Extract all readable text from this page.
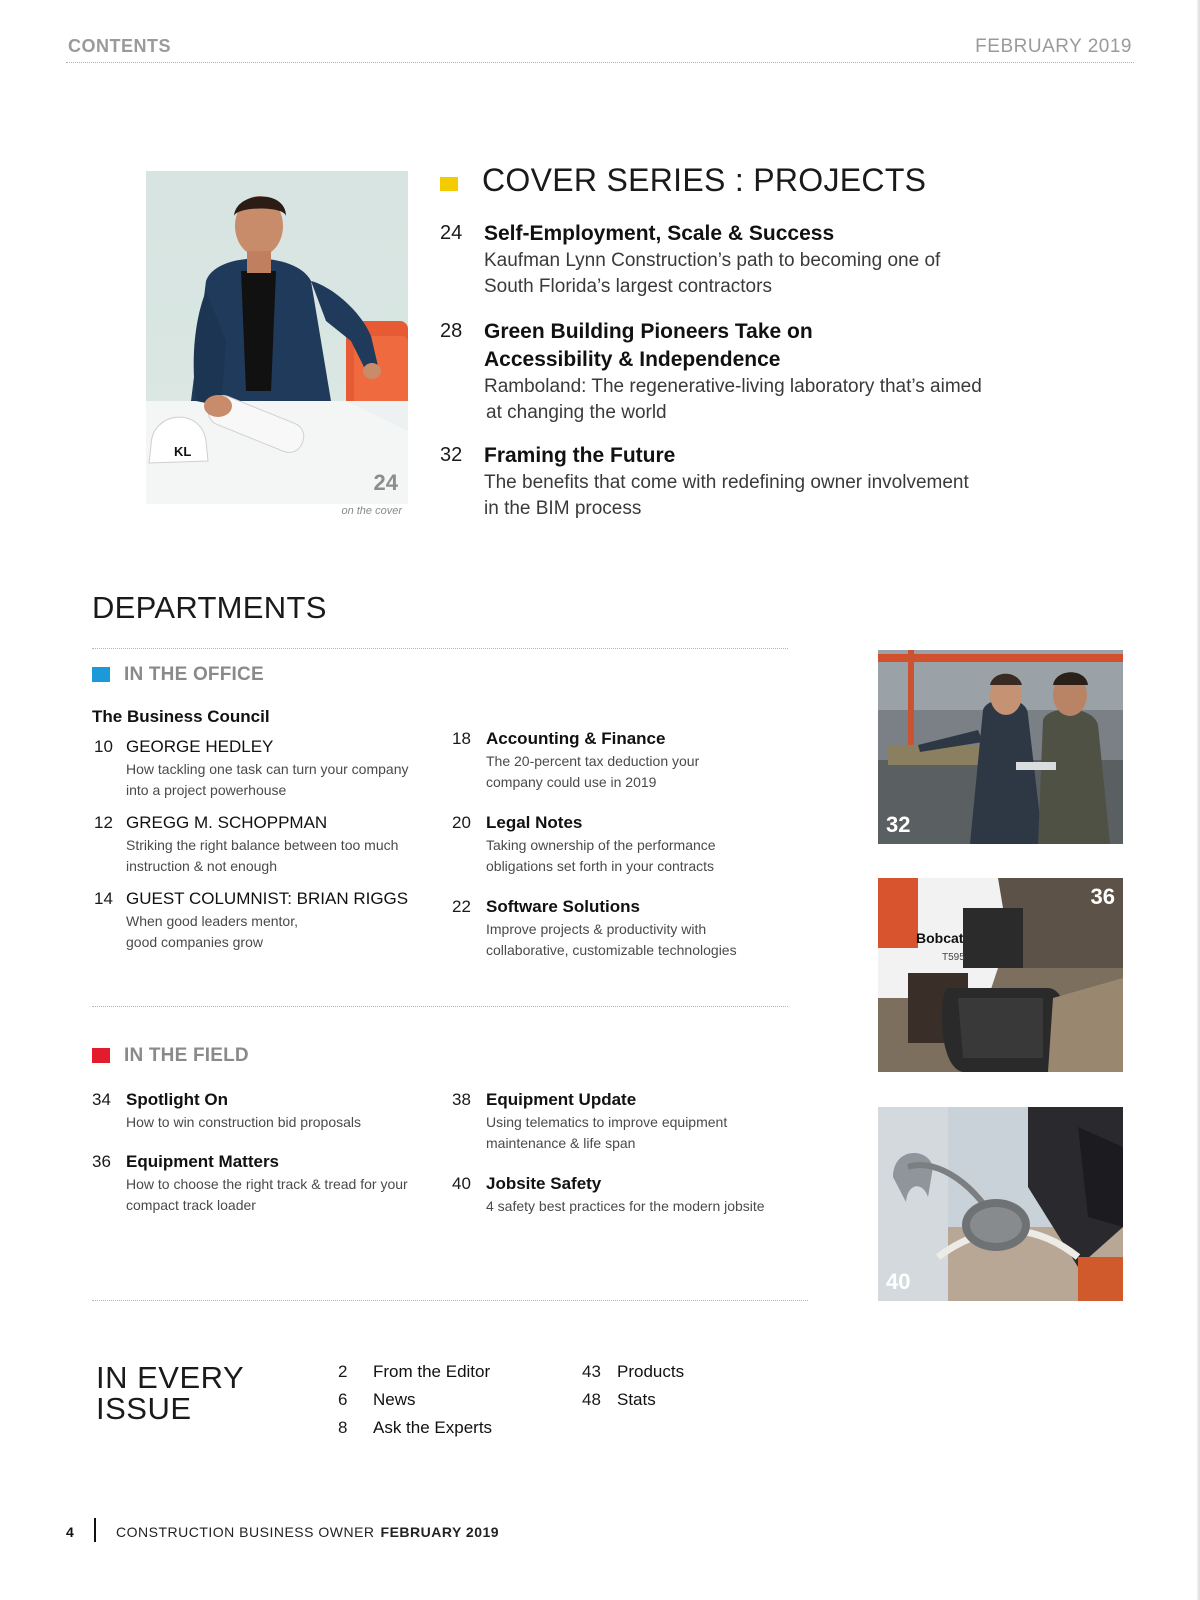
CONTENTS	FEBRUARY 2019
KL
24
on the cover
COVER SERIES : PROJECTS
24 Self-Employment, Scale & Success
Kaufman Lynn Construction’s path to becoming one of
South Florida’s largest contractors
28 Green Building Pioneers Take on
Accessibility & Independence
Ramboland: The regenerative-living laboratory that’s aimed
at changing the world
32 Framing the Future
The benefits that come with redefining owner involvement
in the BIM process
DEPARTMENTS
IN THE OFFICE
The Business Council
10 GEORGE HEDLEY
How tackling one task can turn your company
into a project powerhouse
12 GREGG M. SCHOPPMAN
Striking the right balance between too much
instruction & not enough
14 GUEST COLUMNIST: BRIAN RIGGS
When good leaders mentor,
good companies grow
18 Accounting & Finance
The 20-percent tax deduction your
company could use in 2019
20 Legal Notes
Taking ownership of the performance
obligations set forth in your contracts
22 Software Solutions
Improve projects & productivity with
collaborative, customizable technologies
IN THE FIELD
34 Spotlight On
How to win construction bid proposals
36 Equipment Matters
How to choose the right track & tread for your
compact track loader
38 Equipment Update
Using telematics to improve equipment
maintenance & life span
40 Jobsite Safety
4 safety best practices for the modern jobsite
32
Bobcat
T595
36
40
IN EVERY
ISSUE
2 From the Editor
6 News
8 Ask the Experts
43 Products
48 Stats
4	CONSTRUCTION BUSINESS OWNER FEBRUARY 2019
